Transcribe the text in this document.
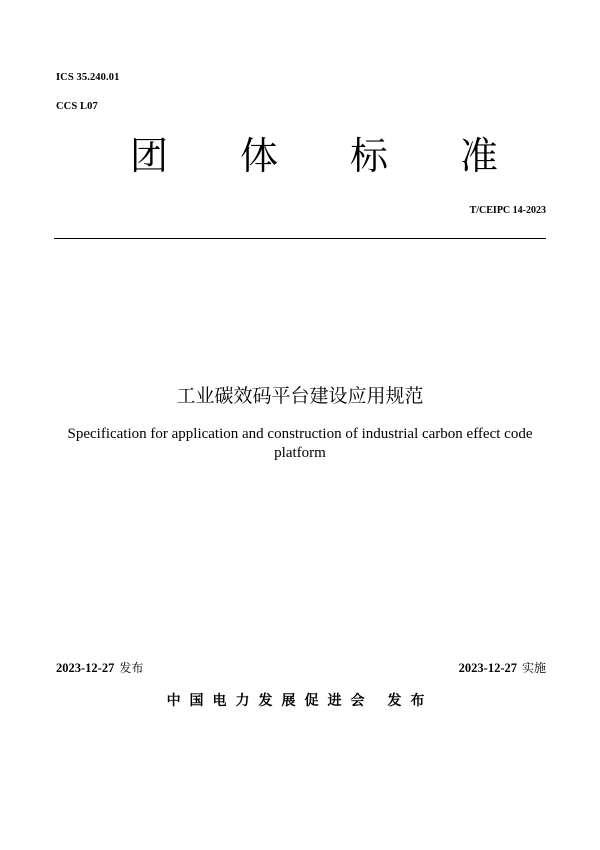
ICS 35.240.01
CCS L07
团 体 标 准
T/CEIPC 14-2023
工业碳效码平台建设应用规范
Specification for application and construction of industrial carbon effect code platform
2023-12-27 发布	2023-12-27 实施
中国电力发展促进会 发布
